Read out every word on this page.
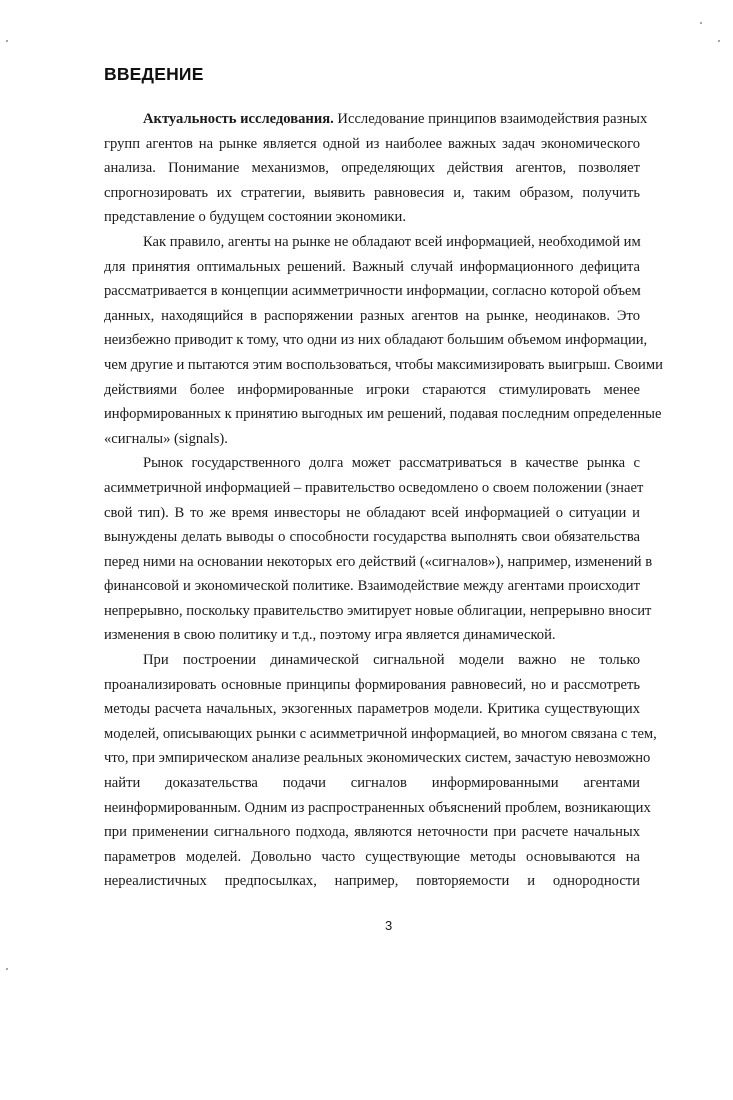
ВВЕДЕНИЕ
Актуальность исследования. Исследование принципов взаимодействия разных
групп агентов на рынке является одной из наиболее важных задач экономического
анализа. Понимание механизмов, определяющих действия агентов, позволяет
спрогнозировать их стратегии, выявить равновесия и, таким образом, получить
представление о будущем состоянии экономики.
Как правило, агенты на рынке не обладают всей информацией, необходимой им
для принятия оптимальных решений. Важный случай информационного дефицита
рассматривается в концепции асимметричности информации, согласно которой объем
данных, находящийся в распоряжении разных агентов на рынке, неодинаков. Это
неизбежно приводит к тому, что одни из них обладают большим объемом информации,
чем другие и пытаются этим воспользоваться, чтобы максимизировать выигрыш. Своими
действиями более информированные игроки стараются стимулировать менее
информированных к принятию выгодных им решений, подавая последним определенные
«сигналы» (signals).
Рынок государственного долга может рассматриваться в качестве рынка с
асимметричной информацией – правительство осведомлено о своем положении (знает
свой тип). В то же время инвесторы не обладают всей информацией о ситуации и
вынуждены делать выводы о способности государства выполнять свои обязательства
перед ними на основании некоторых его действий («сигналов»), например, изменений в
финансовой и экономической политике. Взаимодействие между агентами происходит
непрерывно, поскольку правительство эмитирует новые облигации, непрерывно вносит
изменения в свою политику и т.д., поэтому игра является динамической.
При построении динамической сигнальной модели важно не только
проанализировать основные принципы формирования равновесий, но и рассмотреть
методы расчета начальных, экзогенных параметров модели. Критика существующих
моделей, описывающих рынки с асимметричной информацией, во многом связана с тем,
что, при эмпирическом анализе реальных экономических систем, зачастую невозможно
найти доказательства подачи сигналов информированными агентами
неинформированным. Одним из распространенных объяснений проблем, возникающих
при применении сигнального подхода, являются неточности при расчете начальных
параметров моделей. Довольно часто существующие методы основываются на
нереалистичных предпосылках, например, повторяемости и однородности
3
